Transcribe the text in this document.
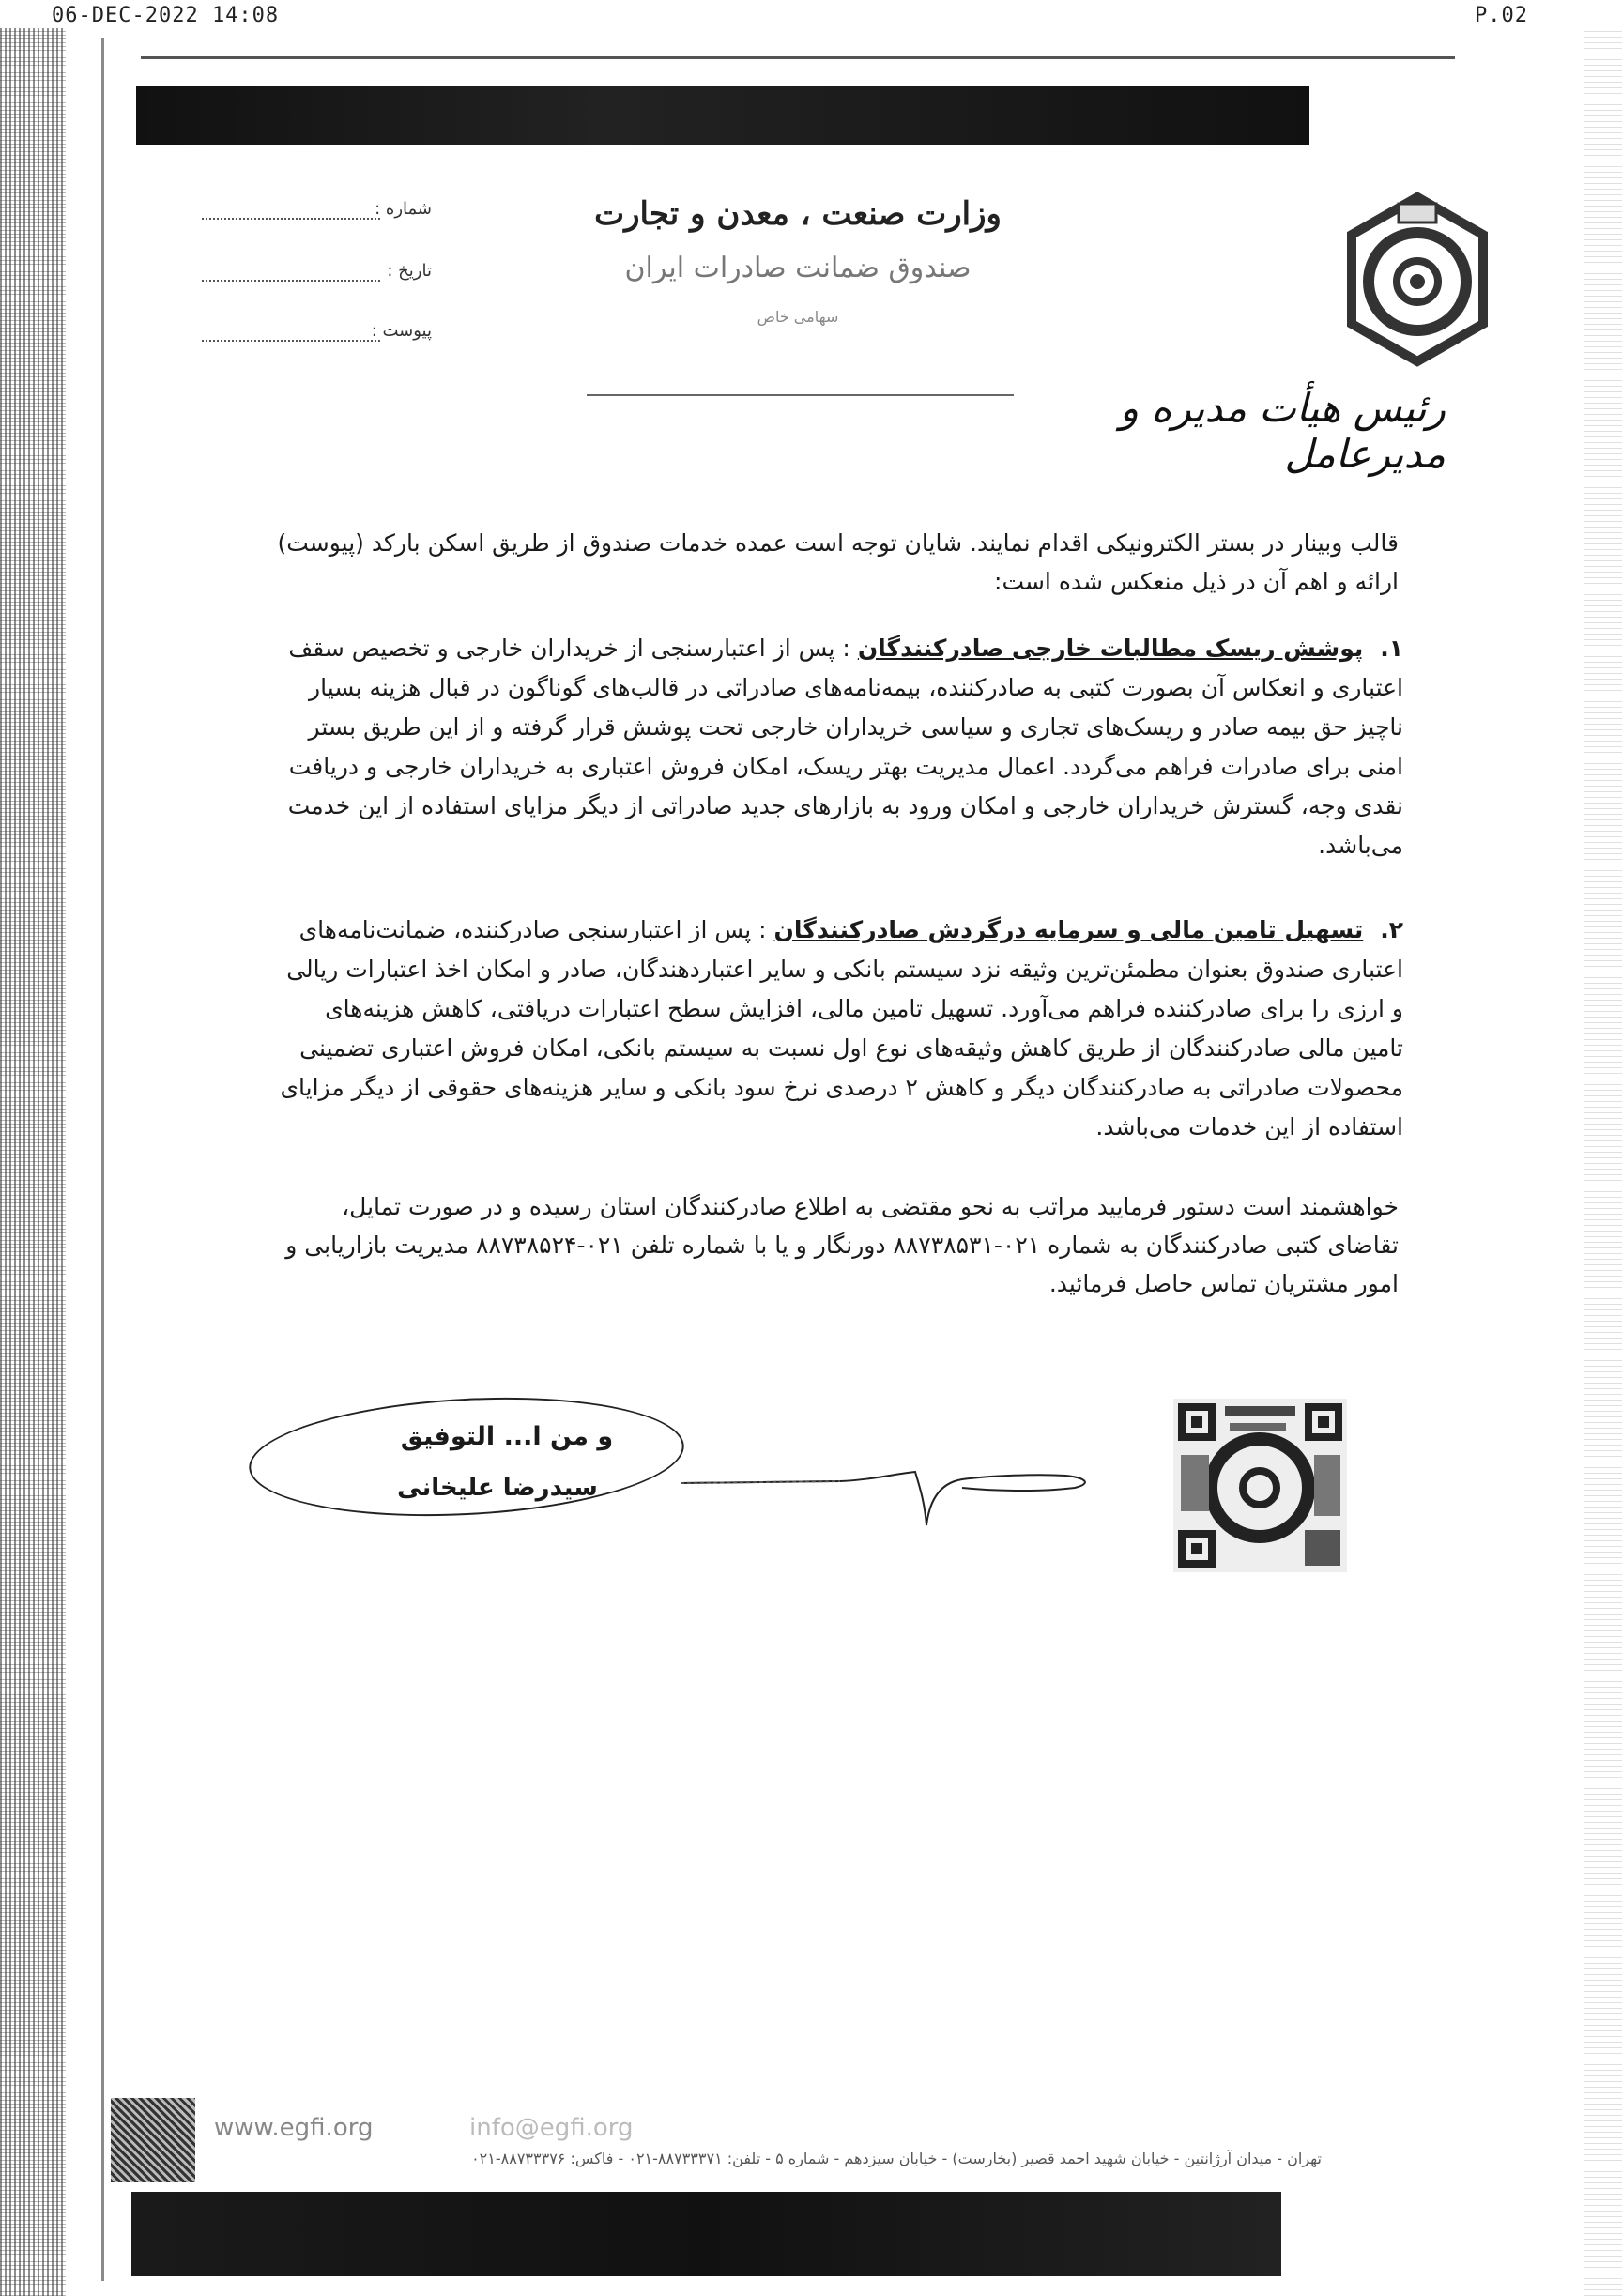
06-DEC-2022 14:08	P.02
وزارت صنعت ، معدن و تجارت
صندوق ضمانت صادرات ایران
سهامی خاص
شماره :
تاریخ :
پیوست :
رئیس هیأت مدیره و مدیرعامل
قالب وبینار در بستر الکترونیکی اقدام نمایند. شایان توجه است عمده خدمات صندوق از طریق اسکن بارکد (پیوست) ارائه و اهم آن در ذیل منعکس شده است:
۱. پوشش ریسک مطالبات خارجی صادرکنندگان : پس از اعتبارسنجی از خریداران خارجی و تخصیص سقف اعتباری و انعکاس آن بصورت کتبی به صادرکننده، بیمه‌نامه‌های صادراتی در قالب‌های گوناگون در قبال هزینه بسیار ناچیز حق بیمه صادر و ریسک‌های تجاری و سیاسی خریداران خارجی تحت پوشش قرار گرفته و از این طریق بستر امنی برای صادرات فراهم می‌گردد. اعمال مدیریت بهتر ریسک، امکان فروش اعتباری به خریداران خارجی و دریافت نقدی وجه، گسترش خریداران خارجی و امکان ورود به بازارهای جدید صادراتی از دیگر مزایای استفاده از این خدمت می‌باشد.
۲. تسهیل تامین مالی و سرمایه درگردش صادرکنندگان : پس از اعتبارسنجی صادرکننده، ضمانت‌نامه‌های اعتباری صندوق بعنوان مطمئن‌ترین وثیقه نزد سیستم بانکی و سایر اعتباردهندگان، صادر و امکان اخذ اعتبارات ریالی و ارزی را برای صادرکننده فراهم می‌آورد. تسهیل تامین مالی، افزایش سطح اعتبارات دریافتی، کاهش هزینه‌های تامین مالی صادرکنندگان از طریق کاهش وثیقه‌های نوع اول نسبت به سیستم بانکی، امکان فروش اعتباری تضمینی محصولات صادراتی به صادرکنندگان دیگر و کاهش ۲ درصدی نرخ سود بانکی و سایر هزینه‌های حقوقی از دیگر مزایای استفاده از این خدمات می‌باشد.
خواهشمند است دستور فرمایید مراتب به نحو مقتضی به اطلاع صادرکنندگان استان رسیده و در صورت تمایل، تقاضای کتبی صادرکنندگان به شماره ۰۲۱-۸۸۷۳۸۵۳۱ دورنگار و یا با شماره تلفن ۰۲۱-۸۸۷۳۸۵۲۴ مدیریت بازاریابی و امور مشتریان تماس حاصل فرمائید.
و من ا... التوفیق
سیدرضا علیخانی
www.egfi.org	info@egfi.org
تهران - میدان آرژانتین - خیابان شهید احمد قصیر (بخارست) - خیابان سیزدهم - شماره ۵ - تلفن: ۸۸۷۳۳۳۷۱-۰۲۱ - فاکس: ۸۸۷۳۳۳۷۶-۰۲۱
